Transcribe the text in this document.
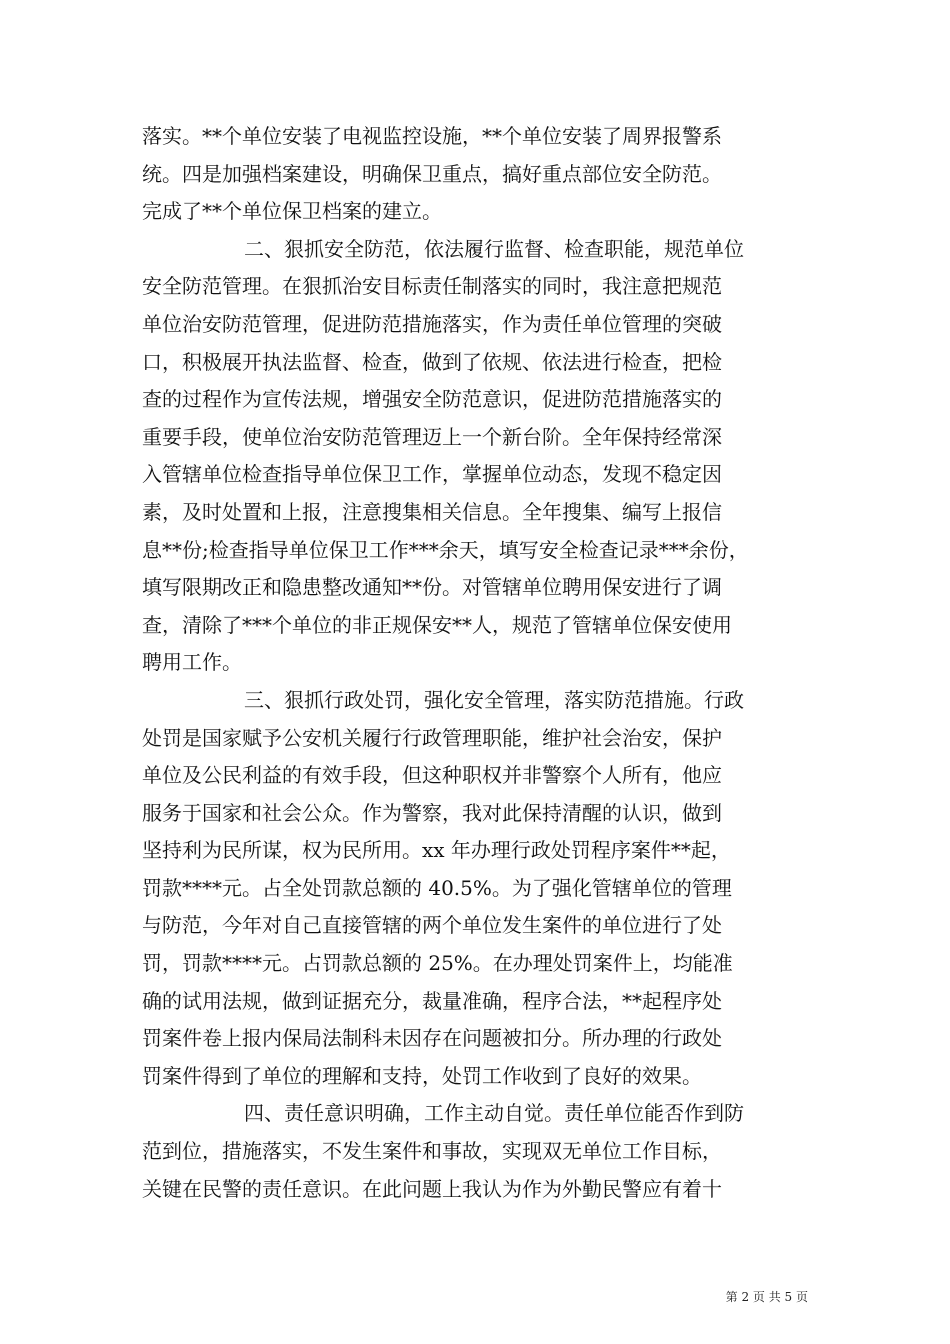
落实。**个单位安装了电视监控设施，**个单位安装了周界报警系
统。四是加强档案建设，明确保卫重点，搞好重点部位安全防范。
完成了**个单位保卫档案的建立。
二、狠抓安全防范，依法履行监督、检查职能，规范单位
安全防范管理。在狠抓治安目标责任制落实的同时，我注意把规范
单位治安防范管理，促进防范措施落实，作为责任单位管理的突破
口，积极展开执法监督、检查，做到了依规、依法进行检查，把检
查的过程作为宣传法规，增强安全防范意识，促进防范措施落实的
重要手段，使单位治安防范管理迈上一个新台阶。全年保持经常深
入管辖单位检查指导单位保卫工作，掌握单位动态，发现不稳定因
素，及时处置和上报，注意搜集相关信息。全年搜集、编写上报信
息**份;检查指导单位保卫工作***余天，填写安全检查记录***余份，
填写限期改正和隐患整改通知**份。对管辖单位聘用保安进行了调
查，清除了***个单位的非正规保安**人，规范了管辖单位保安使用
聘用工作。
三、狠抓行政处罚，强化安全管理，落实防范措施。行政
处罚是国家赋予公安机关履行行政管理职能，维护社会治安，保护
单位及公民利益的有效手段，但这种职权并非警察个人所有，他应
服务于国家和社会公众。作为警察，我对此保持清醒的认识，做到
坚持利为民所谋，权为民所用。xx 年办理行政处罚程序案件**起，
罚款****元。占全处罚款总额的 40.5%。为了强化管辖单位的管理
与防范，今年对自己直接管辖的两个单位发生案件的单位进行了处
罚，罚款****元。占罚款总额的 25%。在办理处罚案件上，均能准
确的试用法规，做到证据充分，裁量准确，程序合法，**起程序处
罚案件卷上报内保局法制科未因存在问题被扣分。所办理的行政处
罚案件得到了单位的理解和支持，处罚工作收到了良好的效果。
四、责任意识明确，工作主动自觉。责任单位能否作到防
范到位，措施落实，不发生案件和事故，实现双无单位工作目标，
关键在民警的责任意识。在此问题上我认为作为外勤民警应有着十
第 2 页 共 5 页
